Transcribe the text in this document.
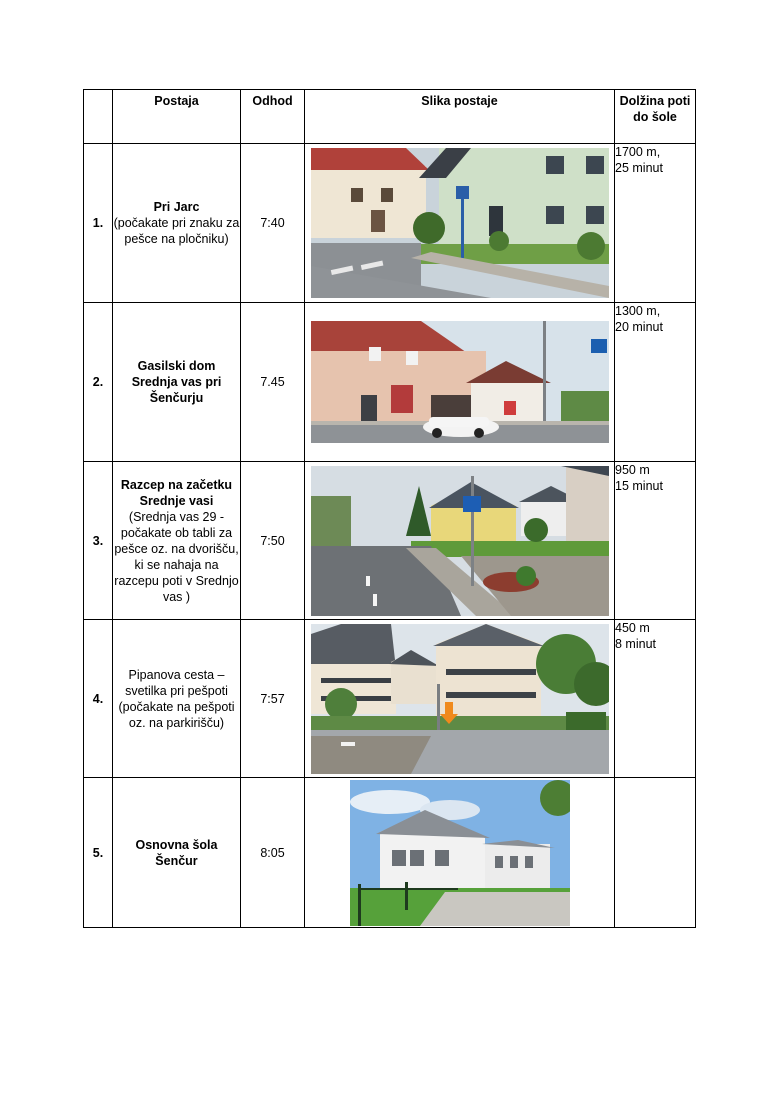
	Postaja	Odhod	Slika postaje	Dolžina poti do šole
1.	Pri Jarc
(počakate pri znaku za pešce na pločniku)	7:40		1700 m,
25 minut

2.	Gasilski dom Srednja vas pri Šenčurju	7.45		1300 m,
20 minut

3.	Razcep na začetku Srednje vasi
(Srednja vas 29 - počakate ob tabli za pešce oz. na dvorišču, ki se nahaja na razcepu poti v Srednjo vas )	7:50		950 m
15 minut

4.	Pipanova cesta – svetilka pri pešpoti (počakate na pešpoti oz. na parkirišču)	7:57		450 m
8 minut

5.	Osnovna šola Šenčur	8:05	
